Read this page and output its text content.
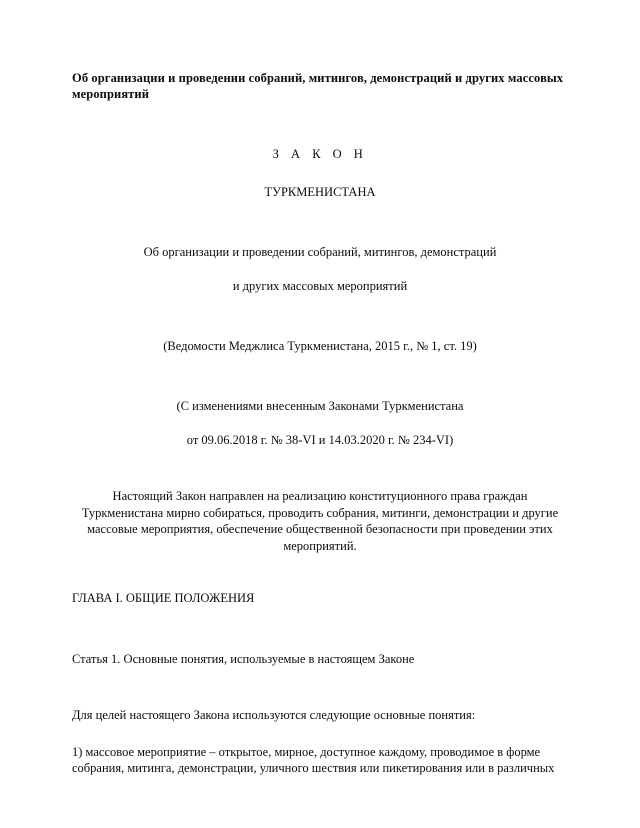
Об организации и проведении собраний, митингов, демонстраций и других массовых мероприятий

З А К О Н

ТУРКМЕНИСТАНА

Об организации и проведении собраний, митингов, демонстраций

и других массовых мероприятий

(Ведомости Меджлиса Туркменистана, 2015 г., № 1, ст. 19)

(С изменениями внесенным Законами Туркменистана

от 09.06.2018 г. № 38-VI и 14.03.2020 г. № 234-VI)

Настоящий Закон направлен на реализацию конституционного права граждан
Туркменистана мирно собираться, проводить собрания, митинги, демонстрации и другие
массовые мероприятия, обеспечение общественной безопасности при проведении этих
мероприятий.

ГЛАВА I. ОБЩИЕ ПОЛОЖЕНИЯ

Статья 1. Основные понятия, используемые в настоящем Законе

Для целей настоящего Закона используются следующие основные понятия:

1) массовое мероприятие – открытое, мирное, доступное каждому, проводимое в форме
собрания, митинга, демонстрации, уличного шествия или пикетирования или в различных
